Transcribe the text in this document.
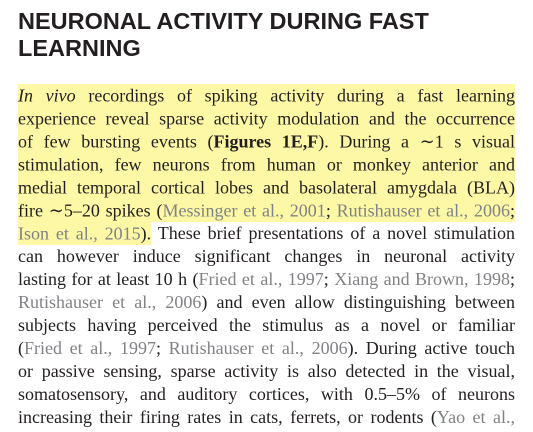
NEURONAL ACTIVITY DURING FAST LEARNING
In vivo recordings of spiking activity during a fast learning
experience reveal sparse activity modulation and the occurrence
of few bursting events (Figures 1E,F). During a ∼1 s visual
stimulation, few neurons from human or monkey anterior and
medial temporal cortical lobes and basolateral amygdala (BLA)
fire ∼5–20 spikes (Messinger et al., 2001; Rutishauser et al., 2006;
Ison et al., 2015). These brief presentations of a novel stimulation
can however induce significant changes in neuronal activity
lasting for at least 10 h (Fried et al., 1997; Xiang and Brown, 1998;
Rutishauser et al., 2006) and even allow distinguishing between
subjects having perceived the stimulus as a novel or familiar
(Fried et al., 1997; Rutishauser et al., 2006). During active touch
or passive sensing, sparse activity is also detected in the visual,
somatosensory, and auditory cortices, with 0.5–5% of neurons
increasing their firing rates in cats, ferrets, or rodents (Yao et al.,
